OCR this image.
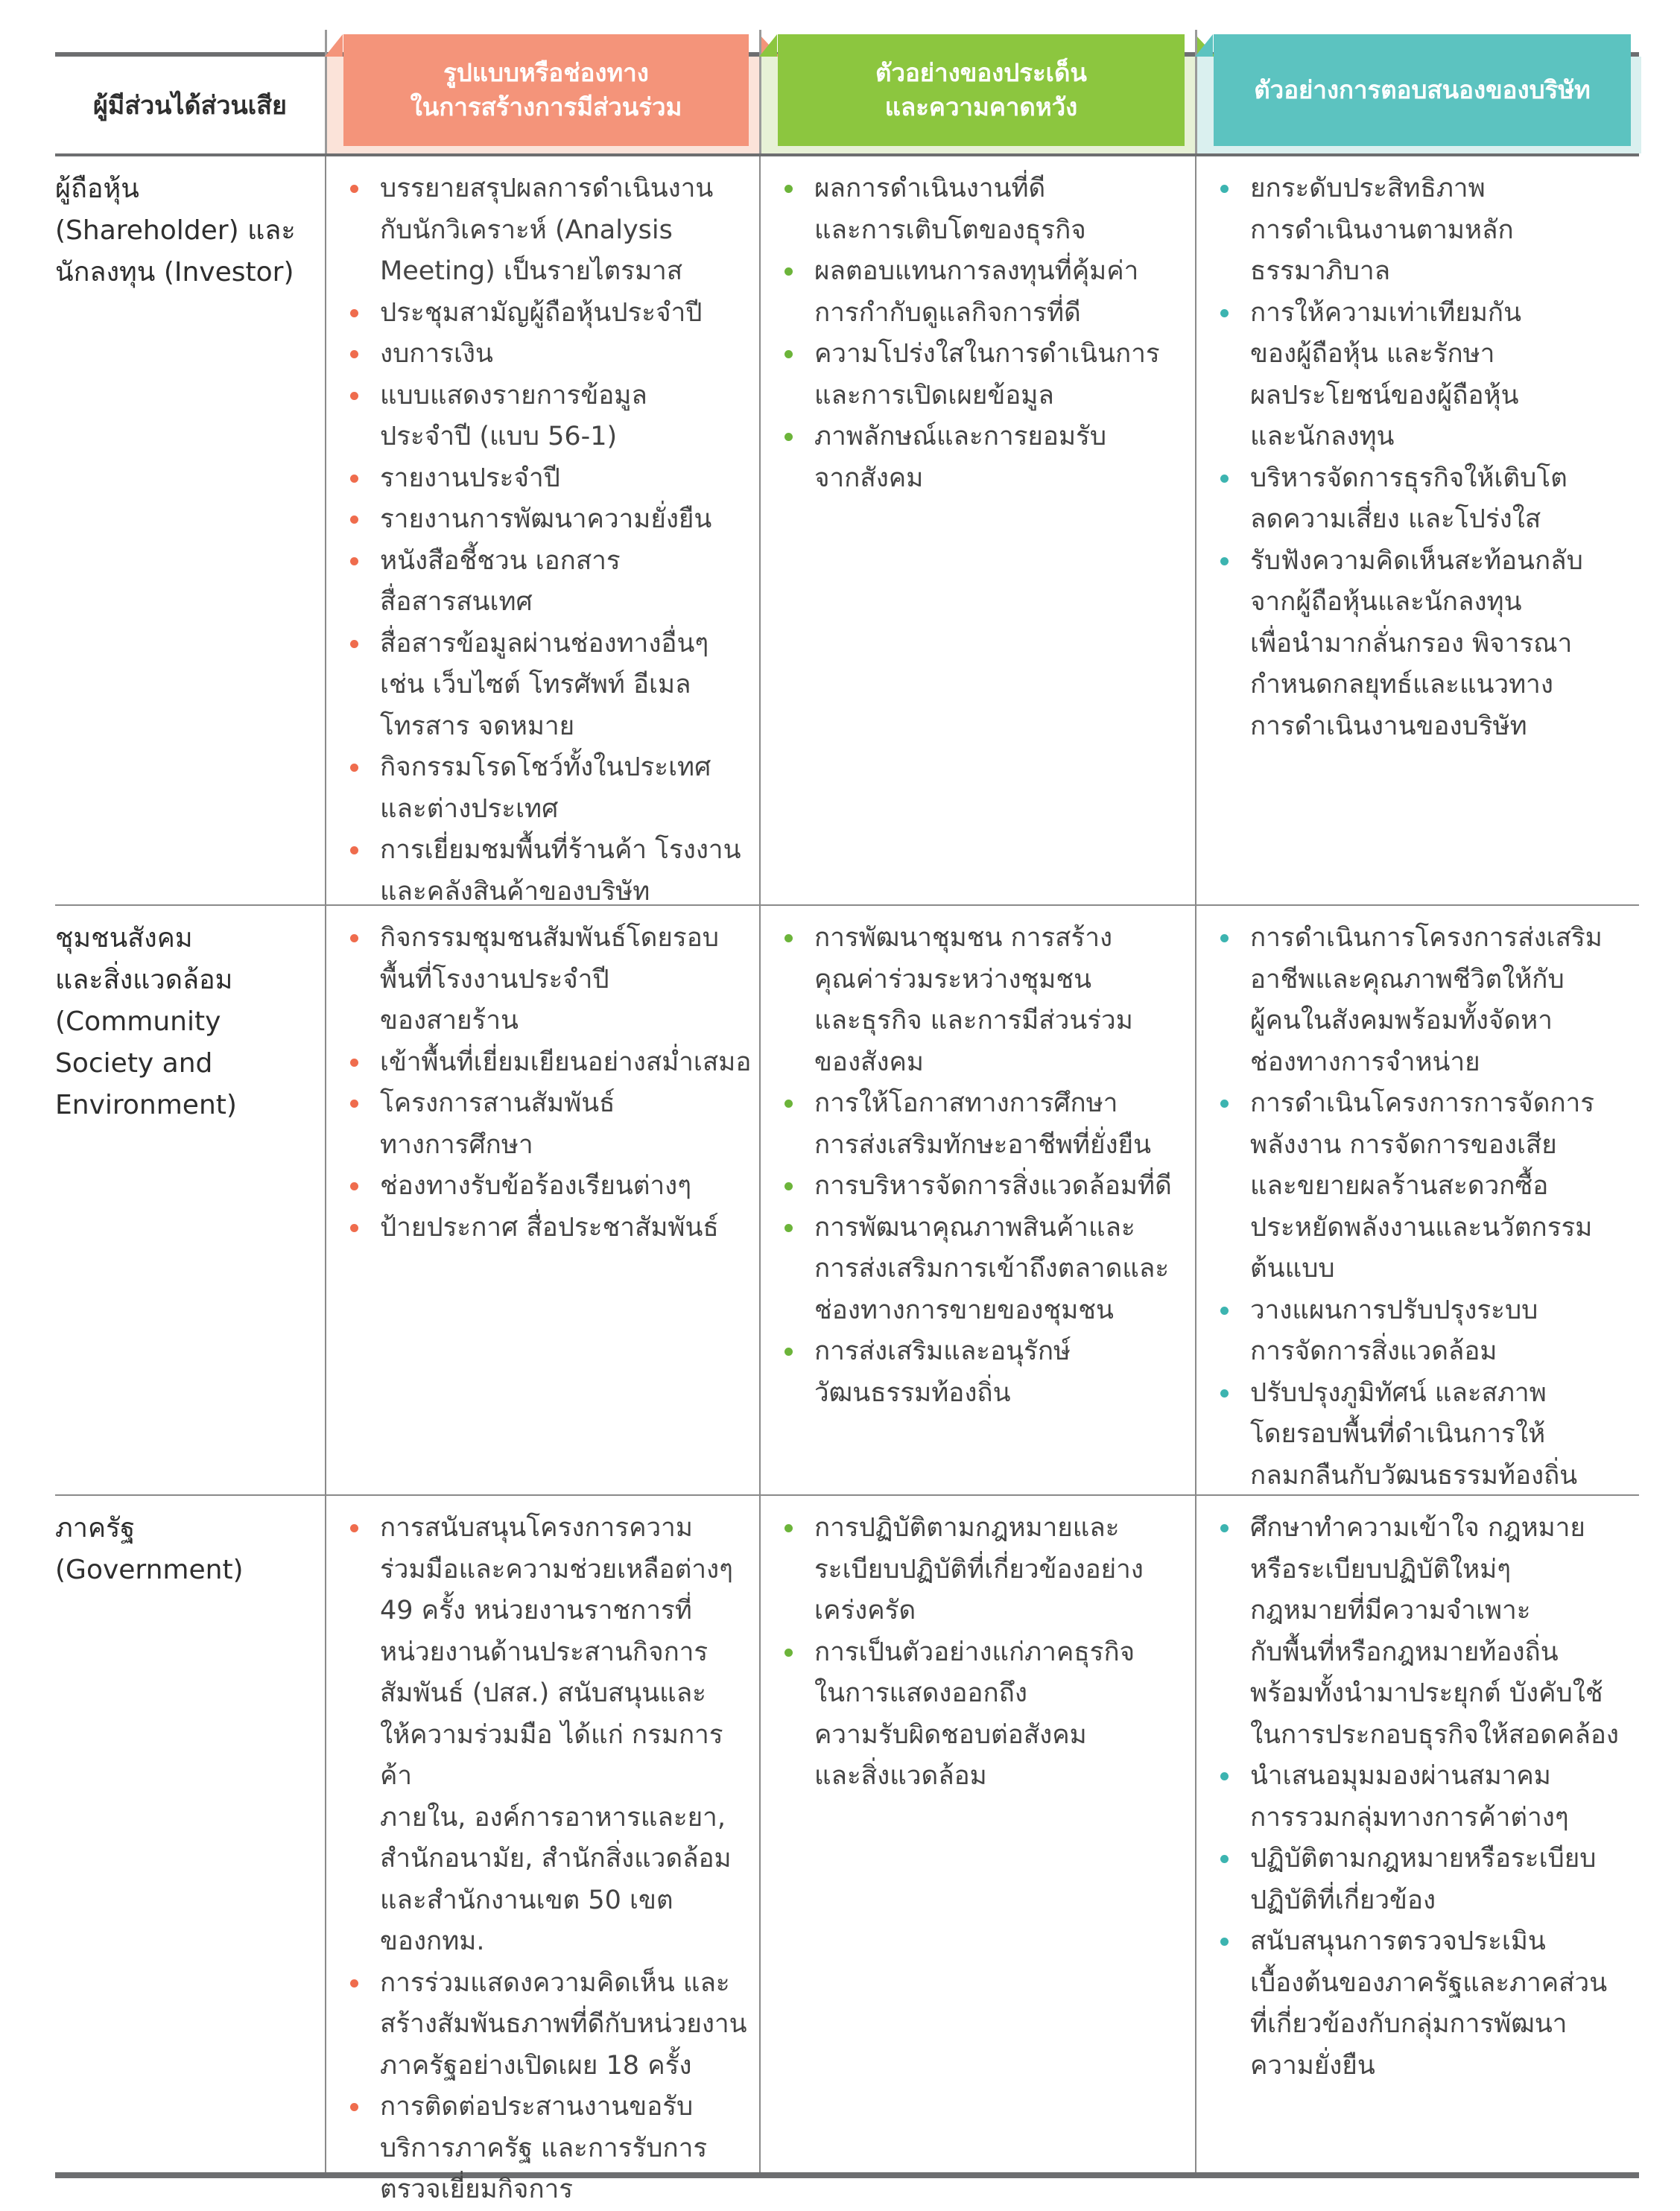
ผู้มีส่วนได้ส่วนเสีย
รูปแบบหรือช่องทาง
ในการสร้างการมีส่วนร่วม
ตัวอย่างของประเด็น
และความคาดหวัง
ตัวอย่างการตอบสนองของบริษัท
ผู้ถือหุ้น
(Shareholder) และ
นักลงทุน (Investor)
บรรยายสรุปผลการดำเนินงาน
กับนักวิเคราะห์ (Analysis
Meeting) เป็นรายไตรมาส
ประชุมสามัญผู้ถือหุ้นประจำปี
งบการเงิน
แบบแสดงรายการข้อมูล
ประจำปี (แบบ 56-1)
รายงานประจำปี
รายงานการพัฒนาความยั่งยืน
หนังสือชี้ชวน เอกสาร
สื่อสารสนเทศ
สื่อสารข้อมูลผ่านช่องทางอื่นๆ
เช่น เว็บไซต์ โทรศัพท์ อีเมล
โทรสาร จดหมาย
กิจกรรมโรดโชว์ทั้งในประเทศ
และต่างประเทศ
การเยี่ยมชมพื้นที่ร้านค้า โรงงาน
และคลังสินค้าของบริษัท
ผลการดำเนินงานที่ดี
และการเติบโตของธุรกิจ
ผลตอบแทนการลงทุนที่คุ้มค่า
การกำกับดูแลกิจการที่ดี
ความโปร่งใสในการดำเนินการ
และการเปิดเผยข้อมูล
ภาพลักษณ์และการยอมรับ
จากสังคม
ยกระดับประสิทธิภาพ
การดำเนินงานตามหลัก
ธรรมาภิบาล
การให้ความเท่าเทียมกัน
ของผู้ถือหุ้น และรักษา
ผลประโยชน์ของผู้ถือหุ้น
และนักลงทุน
บริหารจัดการธุรกิจให้เติบโต
ลดความเสี่ยง และโปร่งใส
รับฟังความคิดเห็นสะท้อนกลับ
จากผู้ถือหุ้นและนักลงทุน
เพื่อนำมากลั่นกรอง พิจารณา
กำหนดกลยุทธ์และแนวทาง
การดำเนินงานของบริษัท
ชุมชนสังคม
และสิ่งแวดล้อม
(Community
Society and
Environment)
กิจกรรมชุมชนสัมพันธ์โดยรอบ
พื้นที่โรงงานประจำปี
ของสายร้าน
เข้าพื้นที่เยี่ยมเยียนอย่างสม่ำเสมอ
โครงการสานสัมพันธ์
ทางการศึกษา
ช่องทางรับข้อร้องเรียนต่างๆ
ป้ายประกาศ สื่อประชาสัมพันธ์
การพัฒนาชุมชน การสร้าง
คุณค่าร่วมระหว่างชุมชน
และธุรกิจ และการมีส่วนร่วม
ของสังคม
การให้โอกาสทางการศึกษา
การส่งเสริมทักษะอาชีพที่ยั่งยืน
การบริหารจัดการสิ่งแวดล้อมที่ดี
การพัฒนาคุณภาพสินค้าและ
การส่งเสริมการเข้าถึงตลาดและ
ช่องทางการขายของชุมชน
การส่งเสริมและอนุรักษ์
วัฒนธรรมท้องถิ่น
การดำเนินการโครงการส่งเสริม
อาชีพและคุณภาพชีวิตให้กับ
ผู้คนในสังคมพร้อมทั้งจัดหา
ช่องทางการจำหน่าย
การดำเนินโครงการการจัดการ
พลังงาน การจัดการของเสีย
และขยายผลร้านสะดวกซื้อ
ประหยัดพลังงานและนวัตกรรม
ต้นแบบ
วางแผนการปรับปรุงระบบ
การจัดการสิ่งแวดล้อม
ปรับปรุงภูมิทัศน์ และสภาพ
โดยรอบพื้นที่ดำเนินการให้
กลมกลืนกับวัฒนธรรมท้องถิ่น
ภาครัฐ
(Government)
การสนับสนุนโครงการความ
ร่วมมือและความช่วยเหลือต่างๆ
49 ครั้ง หน่วยงานราชการที่
หน่วยงานด้านประสานกิจการ
สัมพันธ์ (ปสส.) สนับสนุนและ
ให้ความร่วมมือ ได้แก่ กรมการค้า
ภายใน, องค์การอาหารและยา,
สำนักอนามัย, สำนักสิ่งแวดล้อม
และสำนักงานเขต 50 เขต
ของกทม.
การร่วมแสดงความคิดเห็น และ
สร้างสัมพันธภาพที่ดีกับหน่วยงาน
ภาครัฐอย่างเปิดเผย 18 ครั้ง
การติดต่อประสานงานขอรับ
บริการภาครัฐ และการรับการ
ตรวจเยี่ยมกิจการ
การปฏิบัติตามกฎหมายและ
ระเบียบปฏิบัติที่เกี่ยวข้องอย่าง
เคร่งครัด
การเป็นตัวอย่างแก่ภาคธุรกิจ
ในการแสดงออกถึง
ความรับผิดชอบต่อสังคม
และสิ่งแวดล้อม
ศึกษาทำความเข้าใจ กฎหมาย
หรือระเบียบปฏิบัติใหม่ๆ
กฎหมายที่มีความจำเพาะ
กับพื้นที่หรือกฎหมายท้องถิ่น
พร้อมทั้งนำมาประยุกต์ บังคับใช้
ในการประกอบธุรกิจให้สอดคล้อง
นำเสนอมุมมองผ่านสมาคม
การรวมกลุ่มทางการค้าต่างๆ
ปฏิบัติตามกฎหมายหรือระเบียบ
ปฏิบัติที่เกี่ยวข้อง
สนับสนุนการตรวจประเมิน
เบื้องต้นของภาครัฐและภาคส่วน
ที่เกี่ยวข้องกับกลุ่มการพัฒนา
ความยั่งยืน
